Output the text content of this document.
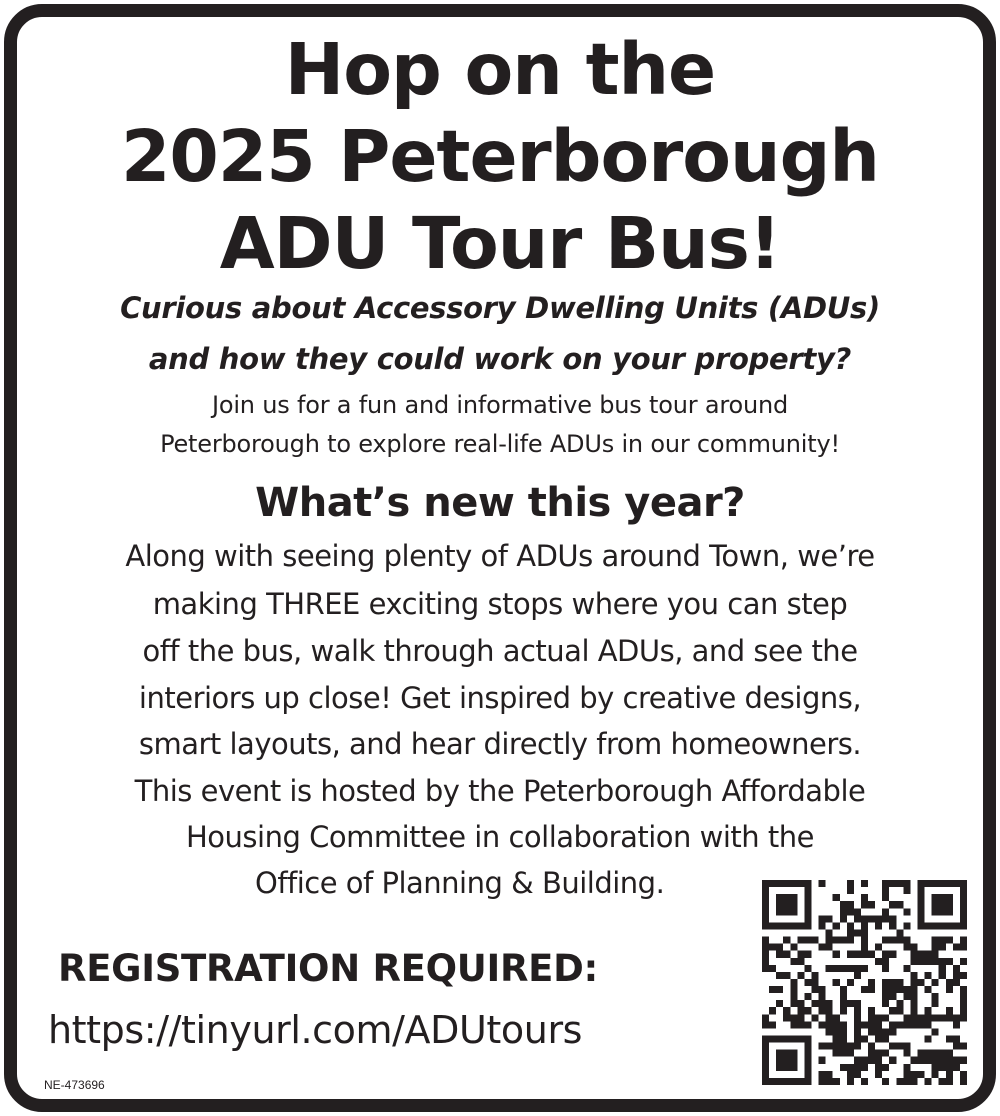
Hop on the
2025 Peterborough
ADU Tour Bus!
Curious about Accessory Dwelling Units (ADUs)
and how they could work on your property?
Join us for a fun and informative bus tour around
Peterborough to explore real-life ADUs in our community!
What’s new this year?
Along with seeing plenty of ADUs around Town, we’re
making THREE exciting stops where you can step
off the bus, walk through actual ADUs, and see the
interiors up close! Get inspired by creative designs,
smart layouts, and hear directly from homeowners.
This event is hosted by the Peterborough Affordable
Housing Committee in collaboration with the
Office of Planning & Building.
REGISTRATION REQUIRED:
https://tinyurl.com/ADUtours
NE-473696
